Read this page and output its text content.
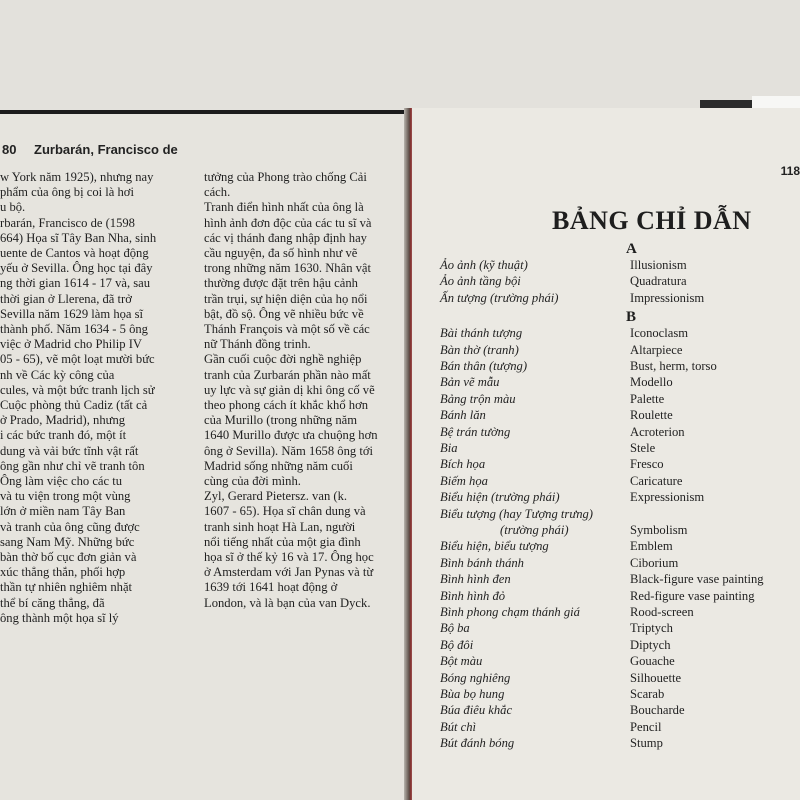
80 Zurbarán, Francisco de
w York năm 1925), nhưng nay
phẩm của ông bị coi là hơi
u bộ.
rbarán, Francisco de (1598
664) Họa sĩ Tây Ban Nha, sinh
uente de Cantos và hoạt động
yếu ở Sevilla. Ông học tại đây
ng thời gian 1614 - 17 và, sau
thời gian ở Llerena, đã trở
Sevilla năm 1629 làm họa sĩ
thành phố. Năm 1634 - 5 ông
việc ở Madrid cho Philip IV
05 - 65), vẽ một loạt mười bức
nh về Các kỳ công của
cules, và một bức tranh lịch sử
Cuộc phòng thủ Cadiz (tất cả
ở Prado, Madrid), nhưng
i các bức tranh đó, một ít
dung và vải bức tĩnh vật rất
ông gần như chỉ vẽ tranh tôn
Ông làm việc cho các tu
và tu viện trong một vùng
lớn ở miền nam Tây Ban
và tranh của ông cũng được
sang Nam Mỹ. Những bức
bàn thờ bố cục đơn giản và
xúc thẳng thắn, phối hợp
thần tự nhiên nghiêm nhặt
thể bí căng thẳng, đã
ông thành một họa sĩ lý
tưởng của Phong trào chống Cải
cách.
Tranh điển hình nhất của ông là
hình ảnh đơn độc của các tu sĩ và
các vị thánh đang nhập định hay
cầu nguyện, đa số hình như vẽ
trong những năm 1630. Nhân vật
thường được đặt trên hậu cảnh
trần trụi, sự hiện diện của họ nổi
bật, đồ sộ. Ông vẽ nhiều bức về
Thánh François và một số về các
nữ Thánh đồng trinh.
Gần cuối cuộc đời nghề nghiệp
tranh của Zurbarán phần nào mất
uy lực và sự giản dị khi ông cố vẽ
theo phong cách ít khắc khổ hơn
của Murillo (trong những năm
1640 Murillo được ưa chuộng hơn
ông ở Sevilla). Năm 1658 ông tới
Madrid sống những năm cuối
cùng của đời mình.
Zyl, Gerard Pietersz. van (k.
1607 - 65). Họa sĩ chân dung và
tranh sinh hoạt Hà Lan, người
nổi tiếng nhất của một gia đình
họa sĩ ở thế kỷ 16 và 17. Ông học
ở Amsterdam với Jan Pynas và từ
1639 tới 1641 hoạt động ở
London, và là bạn của van Dyck.
118
BẢNG CHỈ DẪN
A
Ảo ảnh (kỹ thuật)	Illusionism
Ảo ảnh tầng bội	Quadratura
Ấn tượng (trường phái)	Impressionism
B
Bài thánh tượng	Iconoclasm
Bàn thờ (tranh)	Altarpiece
Bán thân (tượng)	Bust, herm, torso
Bản vẽ mẫu	Modello
Bảng trộn màu	Palette
Bánh lăn	Roulette
Bệ trán tường	Acroterion
Bia	Stele
Bích họa	Fresco
Biếm họa	Caricature
Biểu hiện (trường phái)	Expressionism
Biểu tượng (hay Tượng trưng)
(trường phái)	Symbolism
Biểu hiện, biểu tượng	Emblem
Bình bánh thánh	Ciborium
Bình hình đen	Black-figure vase painting
Bình hình đỏ	Red-figure vase painting
Bình phong chạm thánh giá	Rood-screen
Bộ ba	Triptych
Bộ đôi	Diptych
Bột màu	Gouache
Bóng nghiêng	Silhouette
Bùa bọ hung	Scarab
Búa điêu khắc	Boucharde
Bút chì	Pencil
Bút đánh bóng	Stump
